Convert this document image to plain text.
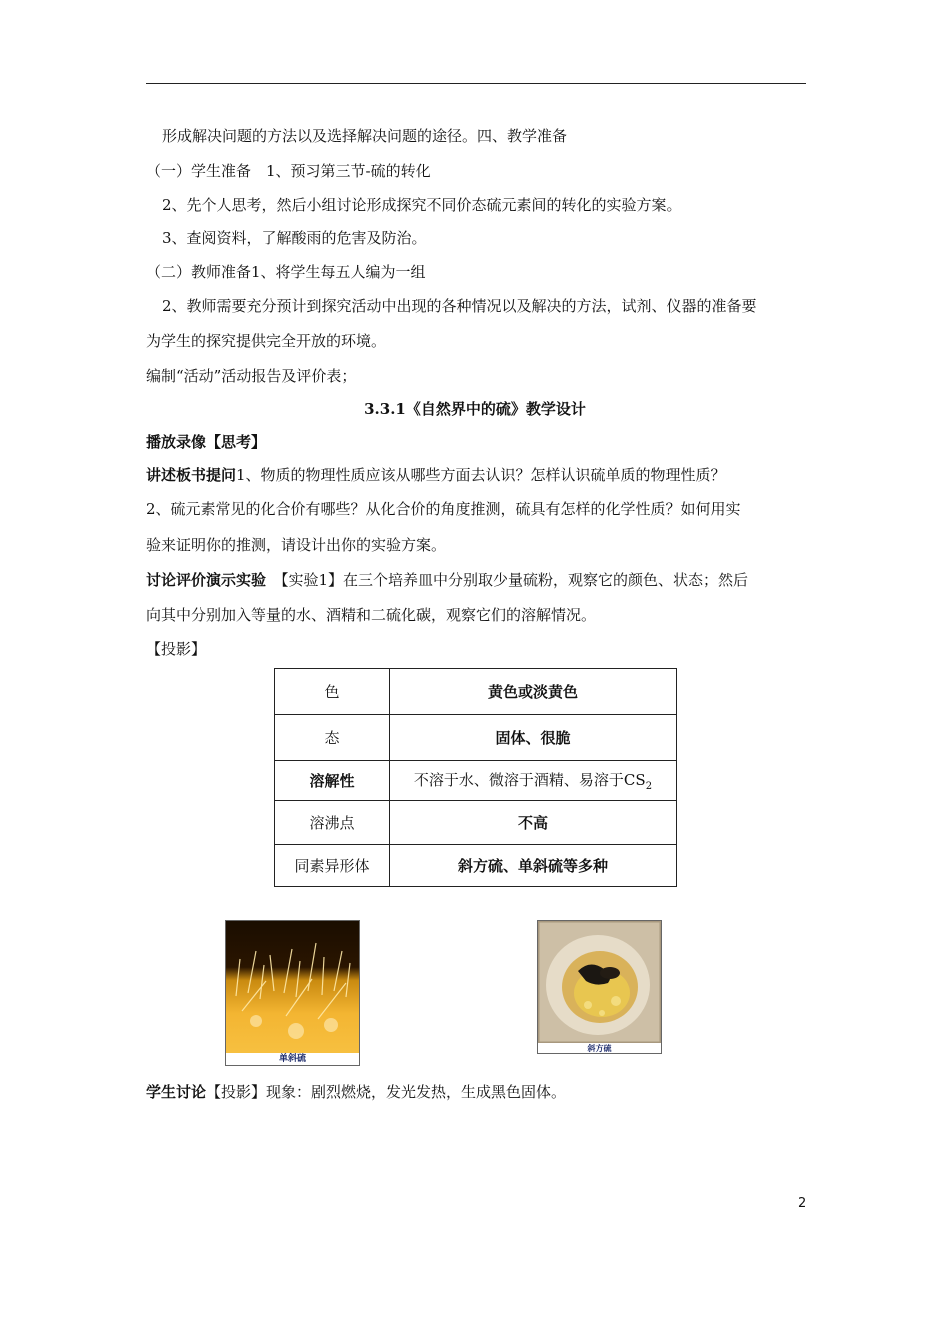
形成解决问题的方法以及选择解决问题的途径。四、教学准备
（一）学生准备　1、预习第三节-硫的转化
2、先个人思考，然后小组讨论形成探究不同价态硫元素间的转化的实验方案。
3、查阅资料，了解酸雨的危害及防治。
（二）教师准备1、将学生每五人编为一组
2、教师需要充分预计到探究活动中出现的各种情况以及解决的方法，试剂、仪器的准备要
为学生的探究提供完全开放的环境。
编制“活动”活动报告及评价表；
3.3.1《自然界中的硫》教学设计
播放录像【思考】
讲述板书提问1、物质的物理性质应该从哪些方面去认识？怎样认识硫单质的物理性质？
2、硫元素常见的化合价有哪些？从化合价的角度推测，硫具有怎样的化学性质？如何用实
验来证明你的推测，请设计出你的实验方案。
讨论评价演示实验　【实验1】在三个培养皿中分别取少量硫粉，观察它的颜色、状态；然后
向其中分别加入等量的水、酒精和二硫化碳，观察它们的溶解情况。
【投影】
色	黄色或淡黄色
态	固体、很脆
溶解性	不溶于水、微溶于酒精、易溶于$CS_2$
溶沸点	不高
同素异形体	斜方硫、单斜硫等多种
单斜硫
斜方硫
学生讨论【投影】现象：剧烈燃烧，发光发热，生成黑色固体。
2
